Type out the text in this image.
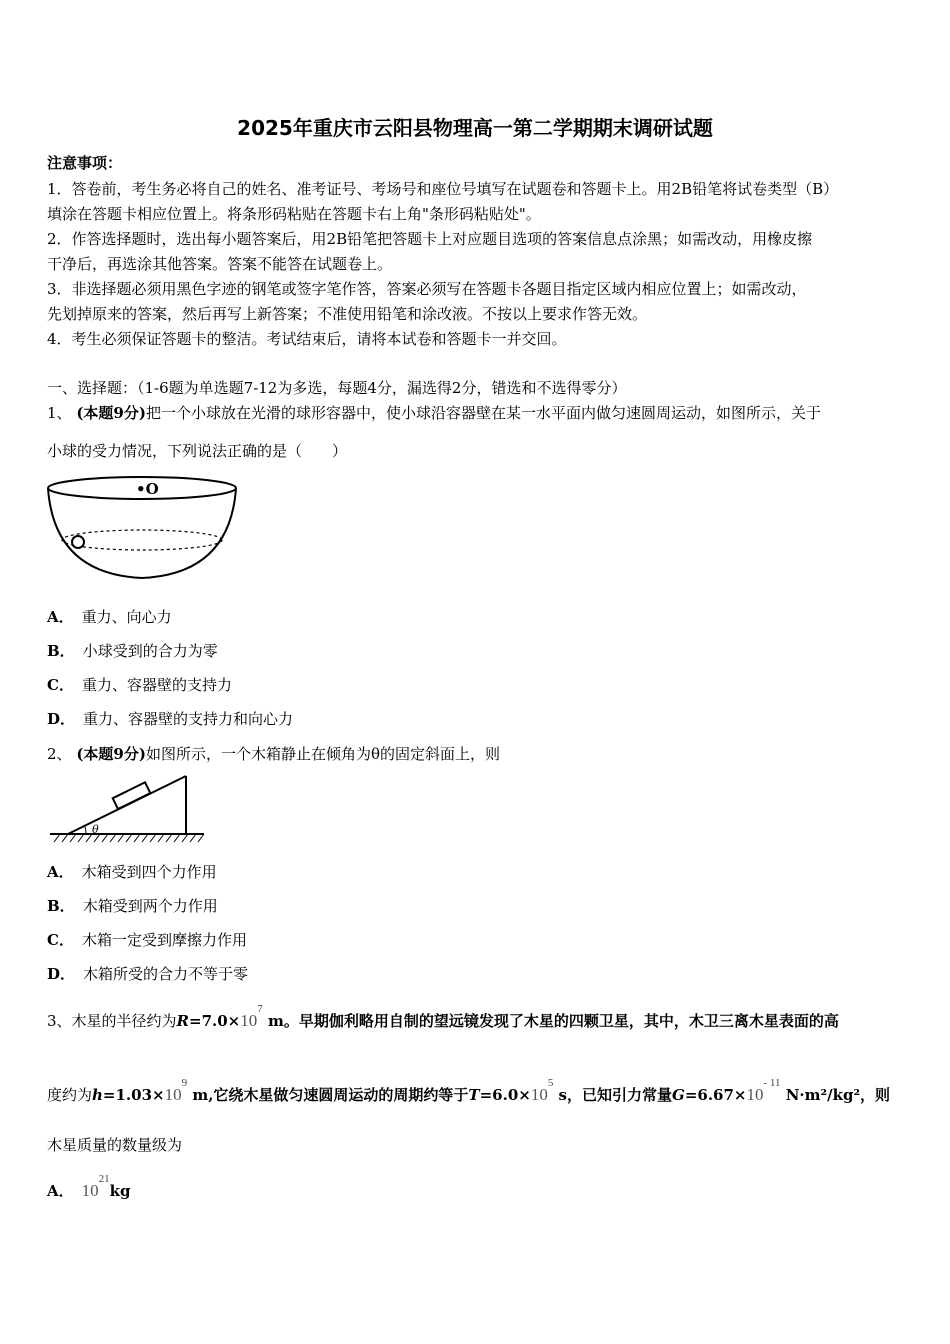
2025年重庆市云阳县物理高一第二学期期末调研试题
注意事项：
1．答卷前，考生务必将自己的姓名、准考证号、考场号和座位号填写在试题卷和答题卡上。用2B铅笔将试卷类型（B）
填涂在答题卡相应位置上。将条形码粘贴在答题卡右上角"条形码粘贴处"。
2．作答选择题时，选出每小题答案后，用2B铅笔把答题卡上对应题目选项的答案信息点涂黑；如需改动，用橡皮擦
干净后，再选涂其他答案。答案不能答在试题卷上。
3．非选择题必须用黑色字迹的钢笔或签字笔作答，答案必须写在答题卡各题目指定区域内相应位置上；如需改动，
先划掉原来的答案，然后再写上新答案；不准使用铅笔和涂改液。不按以上要求作答无效。
4．考生必须保证答题卡的整洁。考试结束后，请将本试卷和答题卡一并交回。
一、选择题：（1-6题为单选题7-12为多选，每题4分，漏选得2分，错选和不选得零分）
1、 (本题9分)把一个小球放在光滑的球形容器中，使小球沿容器壁在某一水平面内做匀速圆周运动，如图所示，关于
小球的受力情况，下列说法正确的是（　　）
•O
A． 重力、向心力
B． 小球受到的合力为零
C． 重力、容器壁的支持力
D． 重力、容器壁的支持力和向心力
2、 (本题9分)如图所示，一个木箱静止在倾角为θ的固定斜面上，则
θ
A． 木箱受到四个力作用
B． 木箱受到两个力作用
C． 木箱一定受到摩擦力作用
D． 木箱所受的合力不等于零
3、木星的半径约为$R=7.0\times 10^7$ m。早期伽利略用自制的望远镜发现了木星的四颗卫星，其中，木卫三离木星表面的高
度约为$h=1.03\times 10^9$ m,它绕木星做匀速圆周运动的周期约等于$T=6.0\times 10^5$ s，已知引力常量$G=6.67\times 10^{- 11}$ N·m²/kg²，则
木星质量的数量级为
A． $10^{21}kg$
